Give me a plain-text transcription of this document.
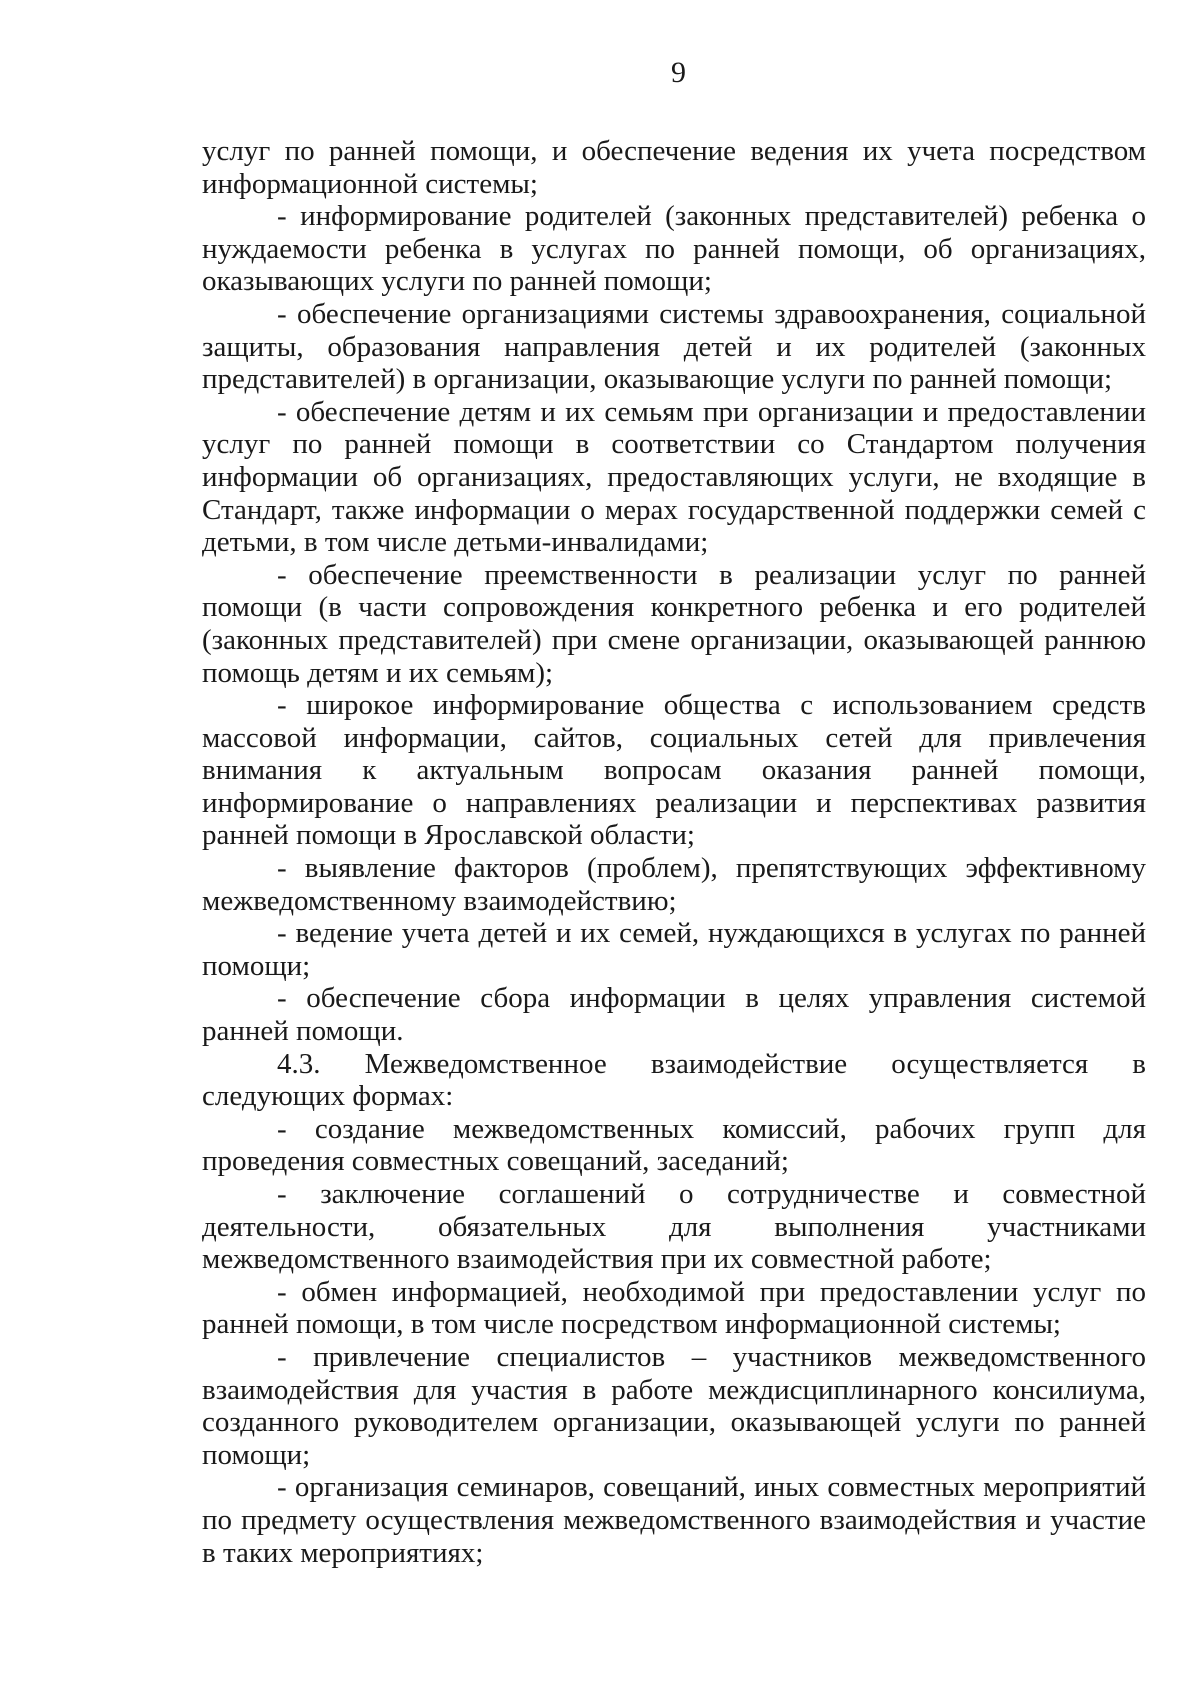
9

услуг по ранней помощи, и обеспечение ведения их учета посредством информационной системы;

- информирование родителей (законных представителей) ребенка о нуждаемости ребенка в услугах по ранней помощи, об организациях, оказывающих услуги по ранней помощи;

- обеспечение организациями системы здравоохранения, социальной защиты, образования направления детей и их родителей (законных представителей) в организации, оказывающие услуги по ранней помощи;

- обеспечение детям и их семьям при организации и предоставлении услуг по ранней помощи в соответствии со Стандартом получения информации об организациях, предоставляющих услуги, не входящие в Стандарт, также информации о мерах государственной поддержки семей с детьми, в том числе детьми-инвалидами;

- обеспечение преемственности в реализации услуг по ранней помощи (в части сопровождения конкретного ребенка и его родителей (законных представителей) при смене организации, оказывающей раннюю помощь детям и их семьям);

- широкое информирование общества с использованием средств массовой информации, сайтов, социальных сетей для привлечения внимания к актуальным вопросам оказания ранней помощи, информирование о направлениях реализации и перспективах развития ранней помощи в Ярославской области;

- выявление факторов (проблем), препятствующих эффективному межведомственному взаимодействию;

- ведение учета детей и их семей, нуждающихся в услугах по ранней помощи;

- обеспечение сбора информации в целях управления системой ранней помощи.

4.3. Межведомственное взаимодействие осуществляется в следующих формах:

- создание межведомственных комиссий, рабочих групп для проведения совместных совещаний, заседаний;

- заключение соглашений о сотрудничестве и совместной деятельности, обязательных для выполнения участниками межведомственного взаимодействия при их совместной работе;

- обмен информацией, необходимой при предоставлении услуг по ранней помощи, в том числе посредством информационной системы;

- привлечение специалистов – участников межведомственного взаимодействия для участия в работе междисциплинарного консилиума, созданного руководителем организации, оказывающей услуги по ранней помощи;

- организация семинаров, совещаний, иных совместных мероприятий по предмету осуществления межведомственного взаимодействия и участие в таких мероприятиях;
